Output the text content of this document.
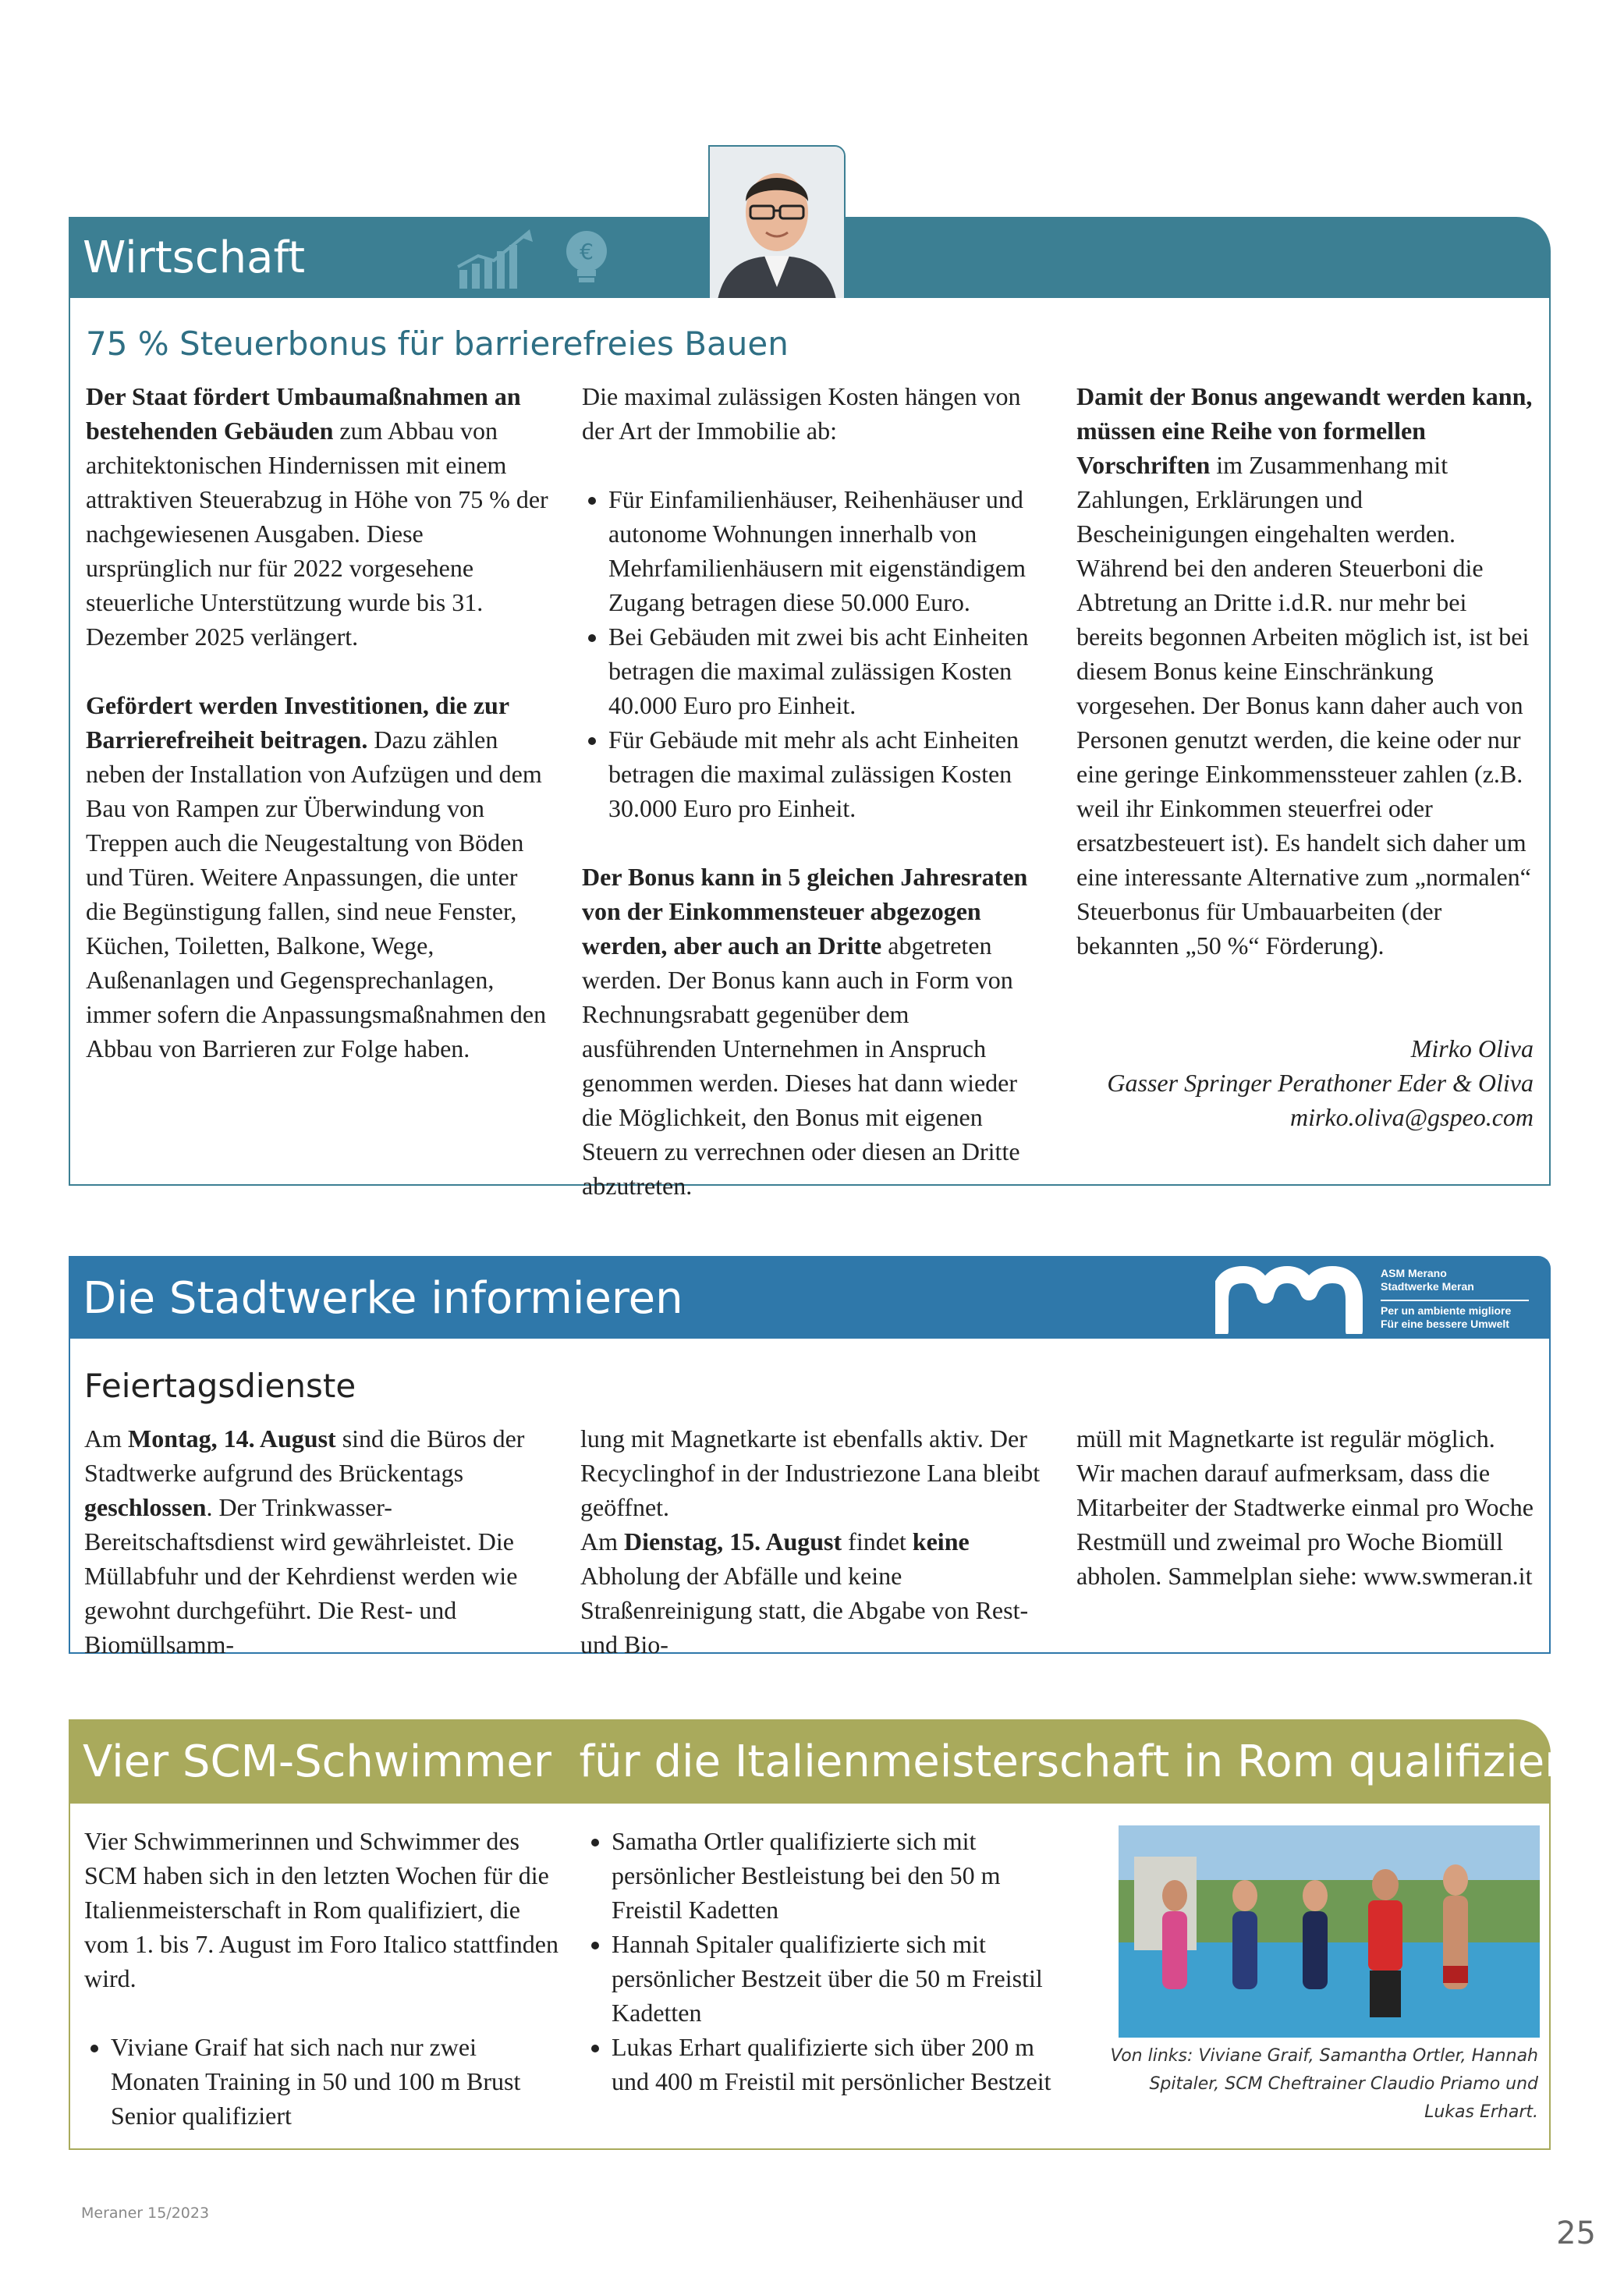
Wirtschaft	€
75 % Steuerbonus für barrierefreies Bauen

Der Staat fördert Umbaumaßnahmen an bestehenden Gebäuden zum Abbau von architektonischen Hindernissen mit einem attraktiven Steuerabzug in Höhe von 75 % der nachgewiesenen Ausgaben. Diese ursprünglich nur für 2022 vorgesehene steuerliche Unterstützung wurde bis 31. Dezember 2025 verlängert.

Gefördert werden Investitionen, die zur Barrierefreiheit beitragen. Dazu zählen neben der Installation von Aufzügen und dem Bau von Rampen zur Überwindung von Treppen auch die Neugestaltung von Böden und Türen. Weitere Anpassungen, die unter die Begünstigung fallen, sind neue Fenster, Küchen, Toiletten, Balkone, Wege, Außenanlagen und Gegensprechanlagen, immer sofern die Anpassungsmaßnahmen den Abbau von Barrieren zur Folge haben.

Die maximal zulässigen Kosten hängen von der Art der Immobilie ab:

• Für Einfamilienhäuser, Reihenhäuser und autonome Wohnungen innerhalb von Mehrfamilienhäusern mit eigenständigem Zugang betragen diese 50.000 Euro.
• Bei Gebäuden mit zwei bis acht Einheiten betragen die maximal zulässigen Kosten 40.000 Euro pro Einheit.
• Für Gebäude mit mehr als acht Einheiten betragen die maximal zulässigen Kosten 30.000 Euro pro Einheit.

Der Bonus kann in 5 gleichen Jahresraten von der Einkommensteuer abgezogen werden, aber auch an Dritte abgetreten werden. Der Bonus kann auch in Form von Rechnungsrabatt gegenüber dem ausführenden Unternehmen in Anspruch genommen werden. Dieses hat dann wieder die Möglichkeit, den Bonus mit eigenen Steuern zu verrechnen oder diesen an Dritte abzutreten.

Damit der Bonus angewandt werden kann, müssen eine Reihe von formellen Vorschriften im Zusammenhang mit Zahlungen, Erklärungen und Bescheinigungen eingehalten werden. Während bei den anderen Steuerboni die Abtretung an Dritte i.d.R. nur mehr bei bereits begonnen Arbeiten möglich ist, ist bei diesem Bonus keine Einschränkung vorgesehen. Der Bonus kann daher auch von Personen genutzt werden, die keine oder nur eine geringe Einkommenssteuer zahlen (z.B. weil ihr Einkommen steuerfrei oder ersatzbesteuert ist). Es handelt sich daher um eine interessante Alternative zum „normalen“ Steuerbonus für Umbauarbeiten (der bekannten „50 %“ Förderung).

Mirko Oliva

Gasser Springer Perathoner Eder & Oliva

mirko.oliva@gspeo.com

Die Stadtwerke informieren	ASM Merano
Stadtwerke Meran
Per un ambiente migliore
Für eine bessere Umwelt
Feiertagsdienste

Am Montag, 14. August sind die Büros der Stadtwerke aufgrund des Brückentags geschlossen. Der Trinkwasser-Bereitschaftsdienst wird gewährleistet. Die Müllabfuhr und der Kehrdienst werden wie gewohnt durchgeführt. Die Rest- und Biomüllsamm-

lung mit Magnetkarte ist ebenfalls aktiv. Der Recyclinghof in der Industriezone Lana bleibt geöffnet.

Am Dienstag, 15. August findet keine Abholung der Abfälle und keine Straßenreinigung statt, die Abgabe von Rest- und Bio-

müll mit Magnetkarte ist regulär möglich. Wir machen darauf aufmerksam, dass die Mitarbeiter der Stadtwerke einmal pro Woche Restmüll und zweimal pro Woche Biomüll abholen. Sammelplan siehe: www.swmeran.it

Vier SCM-Schwimmer  für die Italienmeisterschaft in Rom qualifiziert

Vier Schwimmerinnen und Schwimmer des SCM haben sich in den letzten Wochen für die Italienmeisterschaft in Rom qualifiziert, die vom 1. bis 7. August im Foro Italico stattfinden wird.

• Viviane Graif hat sich nach nur zwei Monaten Training in 50 und 100 m Brust Senior qualifiziert
• Samatha Ortler qualifizierte sich mit persönlicher Bestleistung bei den 50 m Freistil Kadetten
• Hannah Spitaler qualifizierte sich mit persönlicher Bestzeit über die 50 m Freistil Kadetten
• Lukas Erhart qualifizierte sich über 200 m und 400 m Freistil mit persönlicher Bestzeit
Von links: Viviane Graif, Samantha Ortler, Hannah Spitaler, SCM Cheftrainer Claudio Priamo und Lukas Erhart.
Meraner 15/2023
25
